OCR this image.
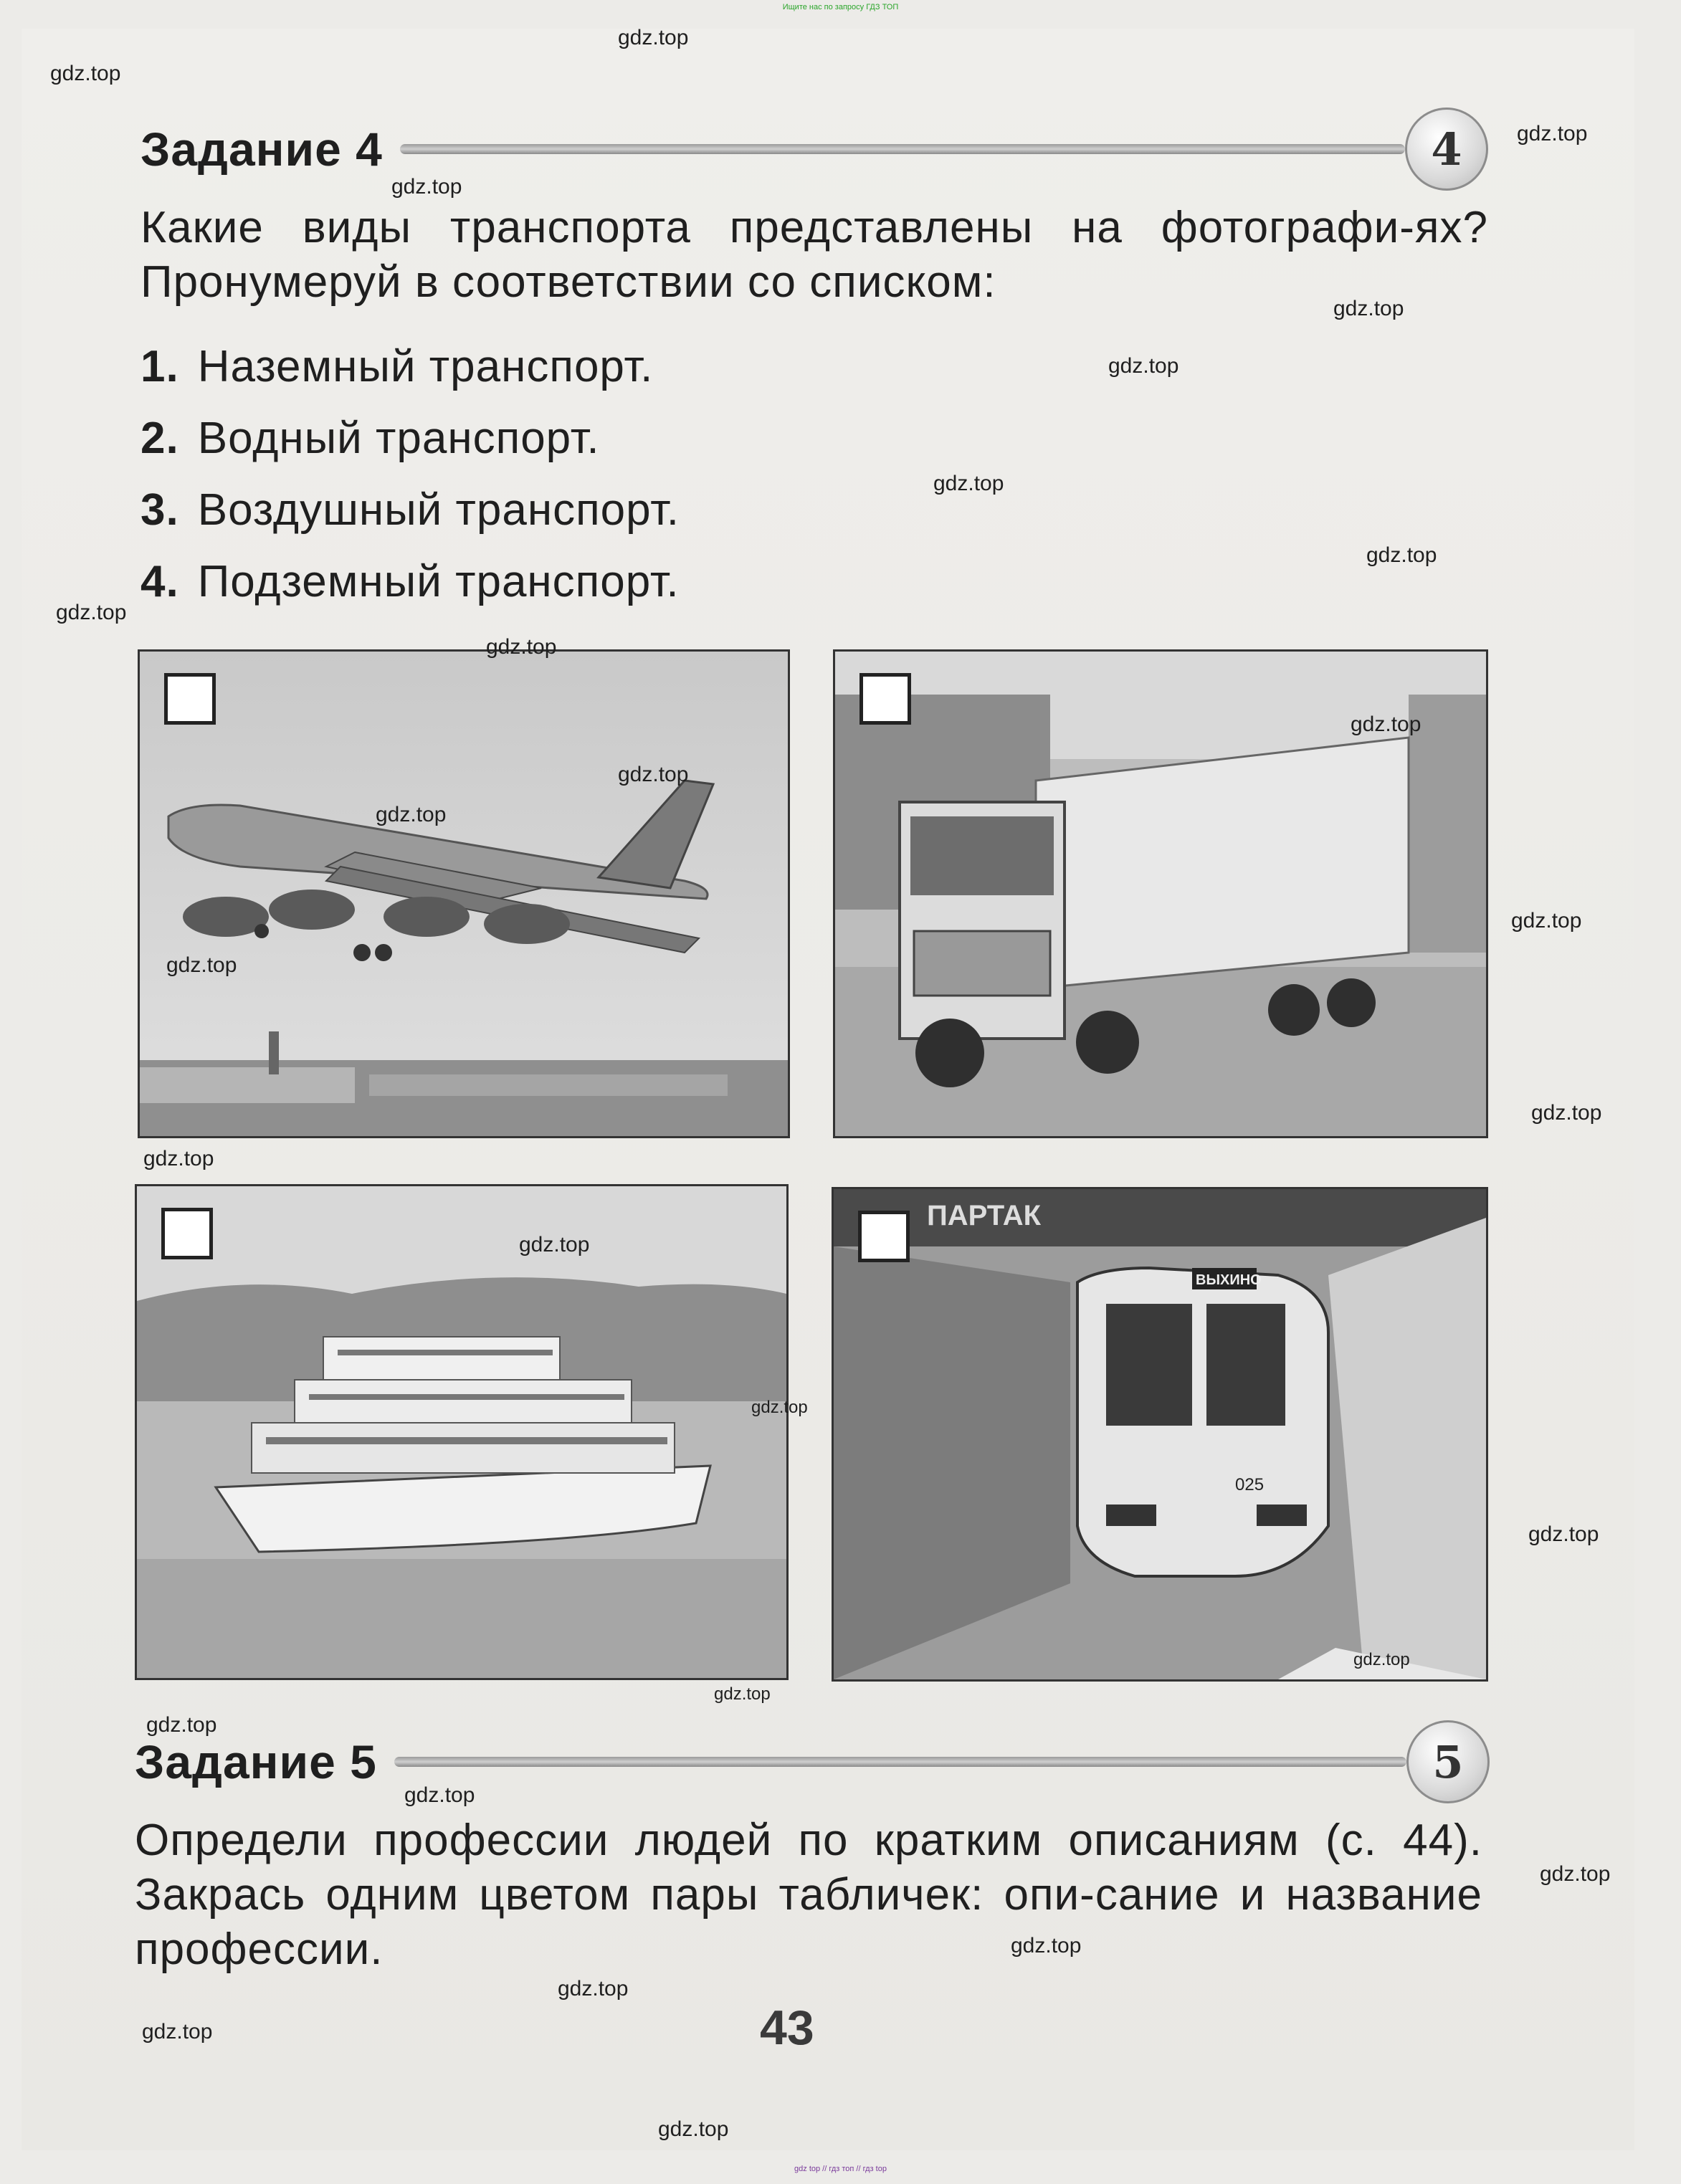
Ищите нас по запросу ГДЗ ТОП
Задание 4	4
Какие виды транспорта представлены на фотографи-ях? Пронумеруй в соответствии со списком:
1. Наземный транспорт.
2. Водный транспорт.
3. Воздушный транспорт.
4. Подземный транспорт.
ПАРТАК
ВЫХИНО
025
Задание 5	5
Определи профессии людей по кратким описаниям (с. 44). Закрась одним цветом пары табличек: опи-сание и название профессии.
43
gdz.top
gdz.top
gdz.top
gdz.top
gdz.top
gdz.top
gdz.top
gdz.top
gdz.top
gdz.top
gdz.top
gdz.top
gdz.top
gdz.top
gdz.top
gdz.top
gdz.top
gdz.top
gdz.top
gdz.top
gdz.top
gdz.top
gdz.top
gdz.top
gdz.top
gdz.top
gdz.top
gdz.top
gdz.top
gdz top // гдз топ // гдз top
